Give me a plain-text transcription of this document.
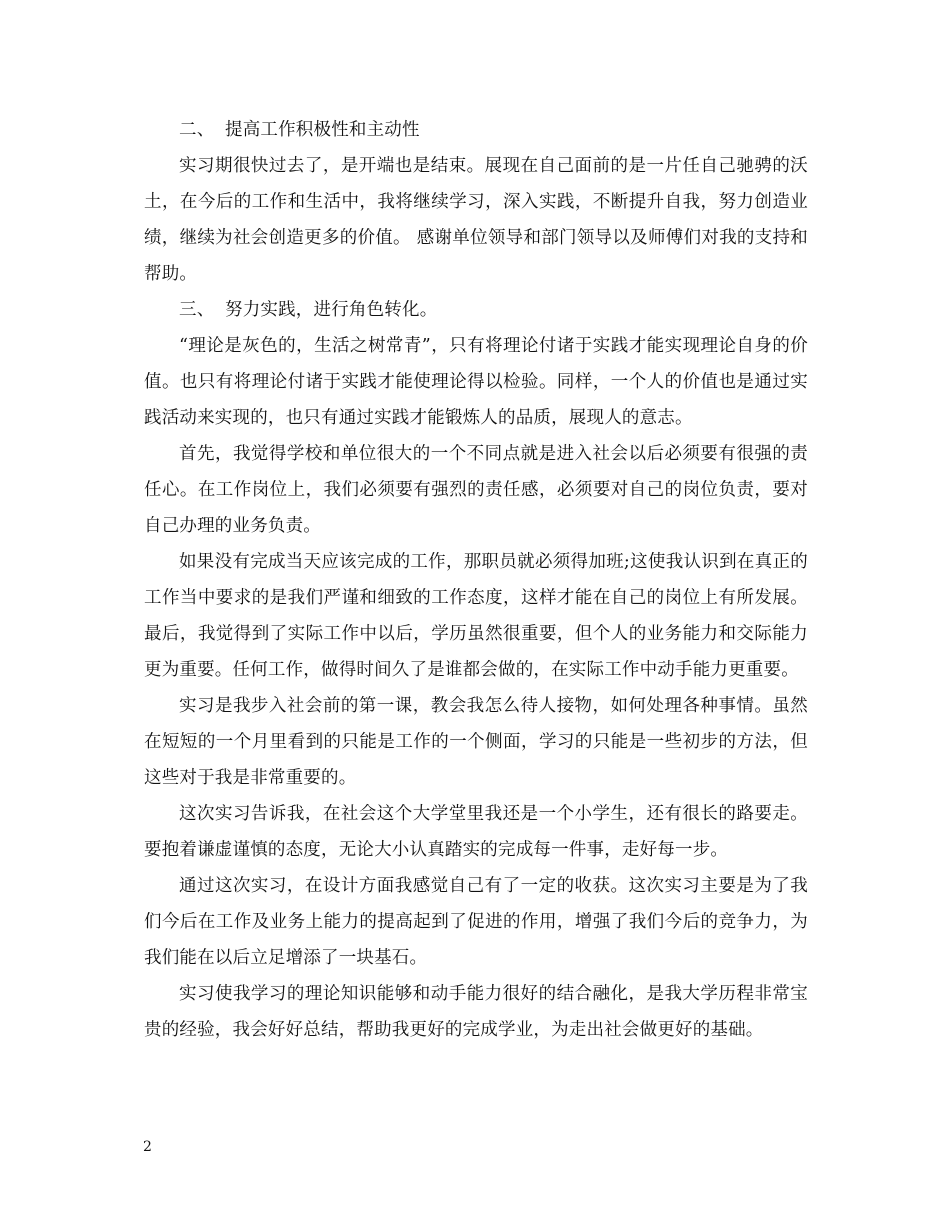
二、 提高工作积极性和主动性

实习期很快过去了，是开端也是结束。展现在自己面前的是一片任自己驰骋的沃土，在今后的工作和生活中，我将继续学习，深入实践，不断提升自我，努力创造业绩，继续为社会创造更多的价值。 感谢单位领导和部门领导以及师傅们对我的支持和帮助。

三、 努力实践，进行角色转化。

“理论是灰色的，生活之树常青”，只有将理论付诸于实践才能实现理论自身的价值。也只有将理论付诸于实践才能使理论得以检验。同样，一个人的价值也是通过实践活动来实现的，也只有通过实践才能锻炼人的品质，展现人的意志。

首先，我觉得学校和单位很大的一个不同点就是进入社会以后必须要有很强的责任心。在工作岗位上，我们必须要有强烈的责任感，必须要对自己的岗位负责，要对自己办理的业务负责。

如果没有完成当天应该完成的工作，那职员就必须得加班;这使我认识到在真正的工作当中要求的是我们严谨和细致的工作态度，这样才能在自己的岗位上有所发展。最后，我觉得到了实际工作中以后，学历虽然很重要，但个人的业务能力和交际能力更为重要。任何工作，做得时间久了是谁都会做的，在实际工作中动手能力更重要。

实习是我步入社会前的第一课，教会我怎么待人接物，如何处理各种事情。虽然在短短的一个月里看到的只能是工作的一个侧面，学习的只能是一些初步的方法，但这些对于我是非常重要的。

这次实习告诉我，在社会这个大学堂里我还是一个小学生，还有很长的路要走。要抱着谦虚谨慎的态度，无论大小认真踏实的完成每一件事，走好每一步。

通过这次实习，在设计方面我感觉自己有了一定的收获。这次实习主要是为了我们今后在工作及业务上能力的提高起到了促进的作用，增强了我们今后的竞争力，为我们能在以后立足增添了一块基石。

实习使我学习的理论知识能够和动手能力很好的结合融化，是我大学历程非常宝贵的经验，我会好好总结，帮助我更好的完成学业，为走出社会做更好的基础。

2
